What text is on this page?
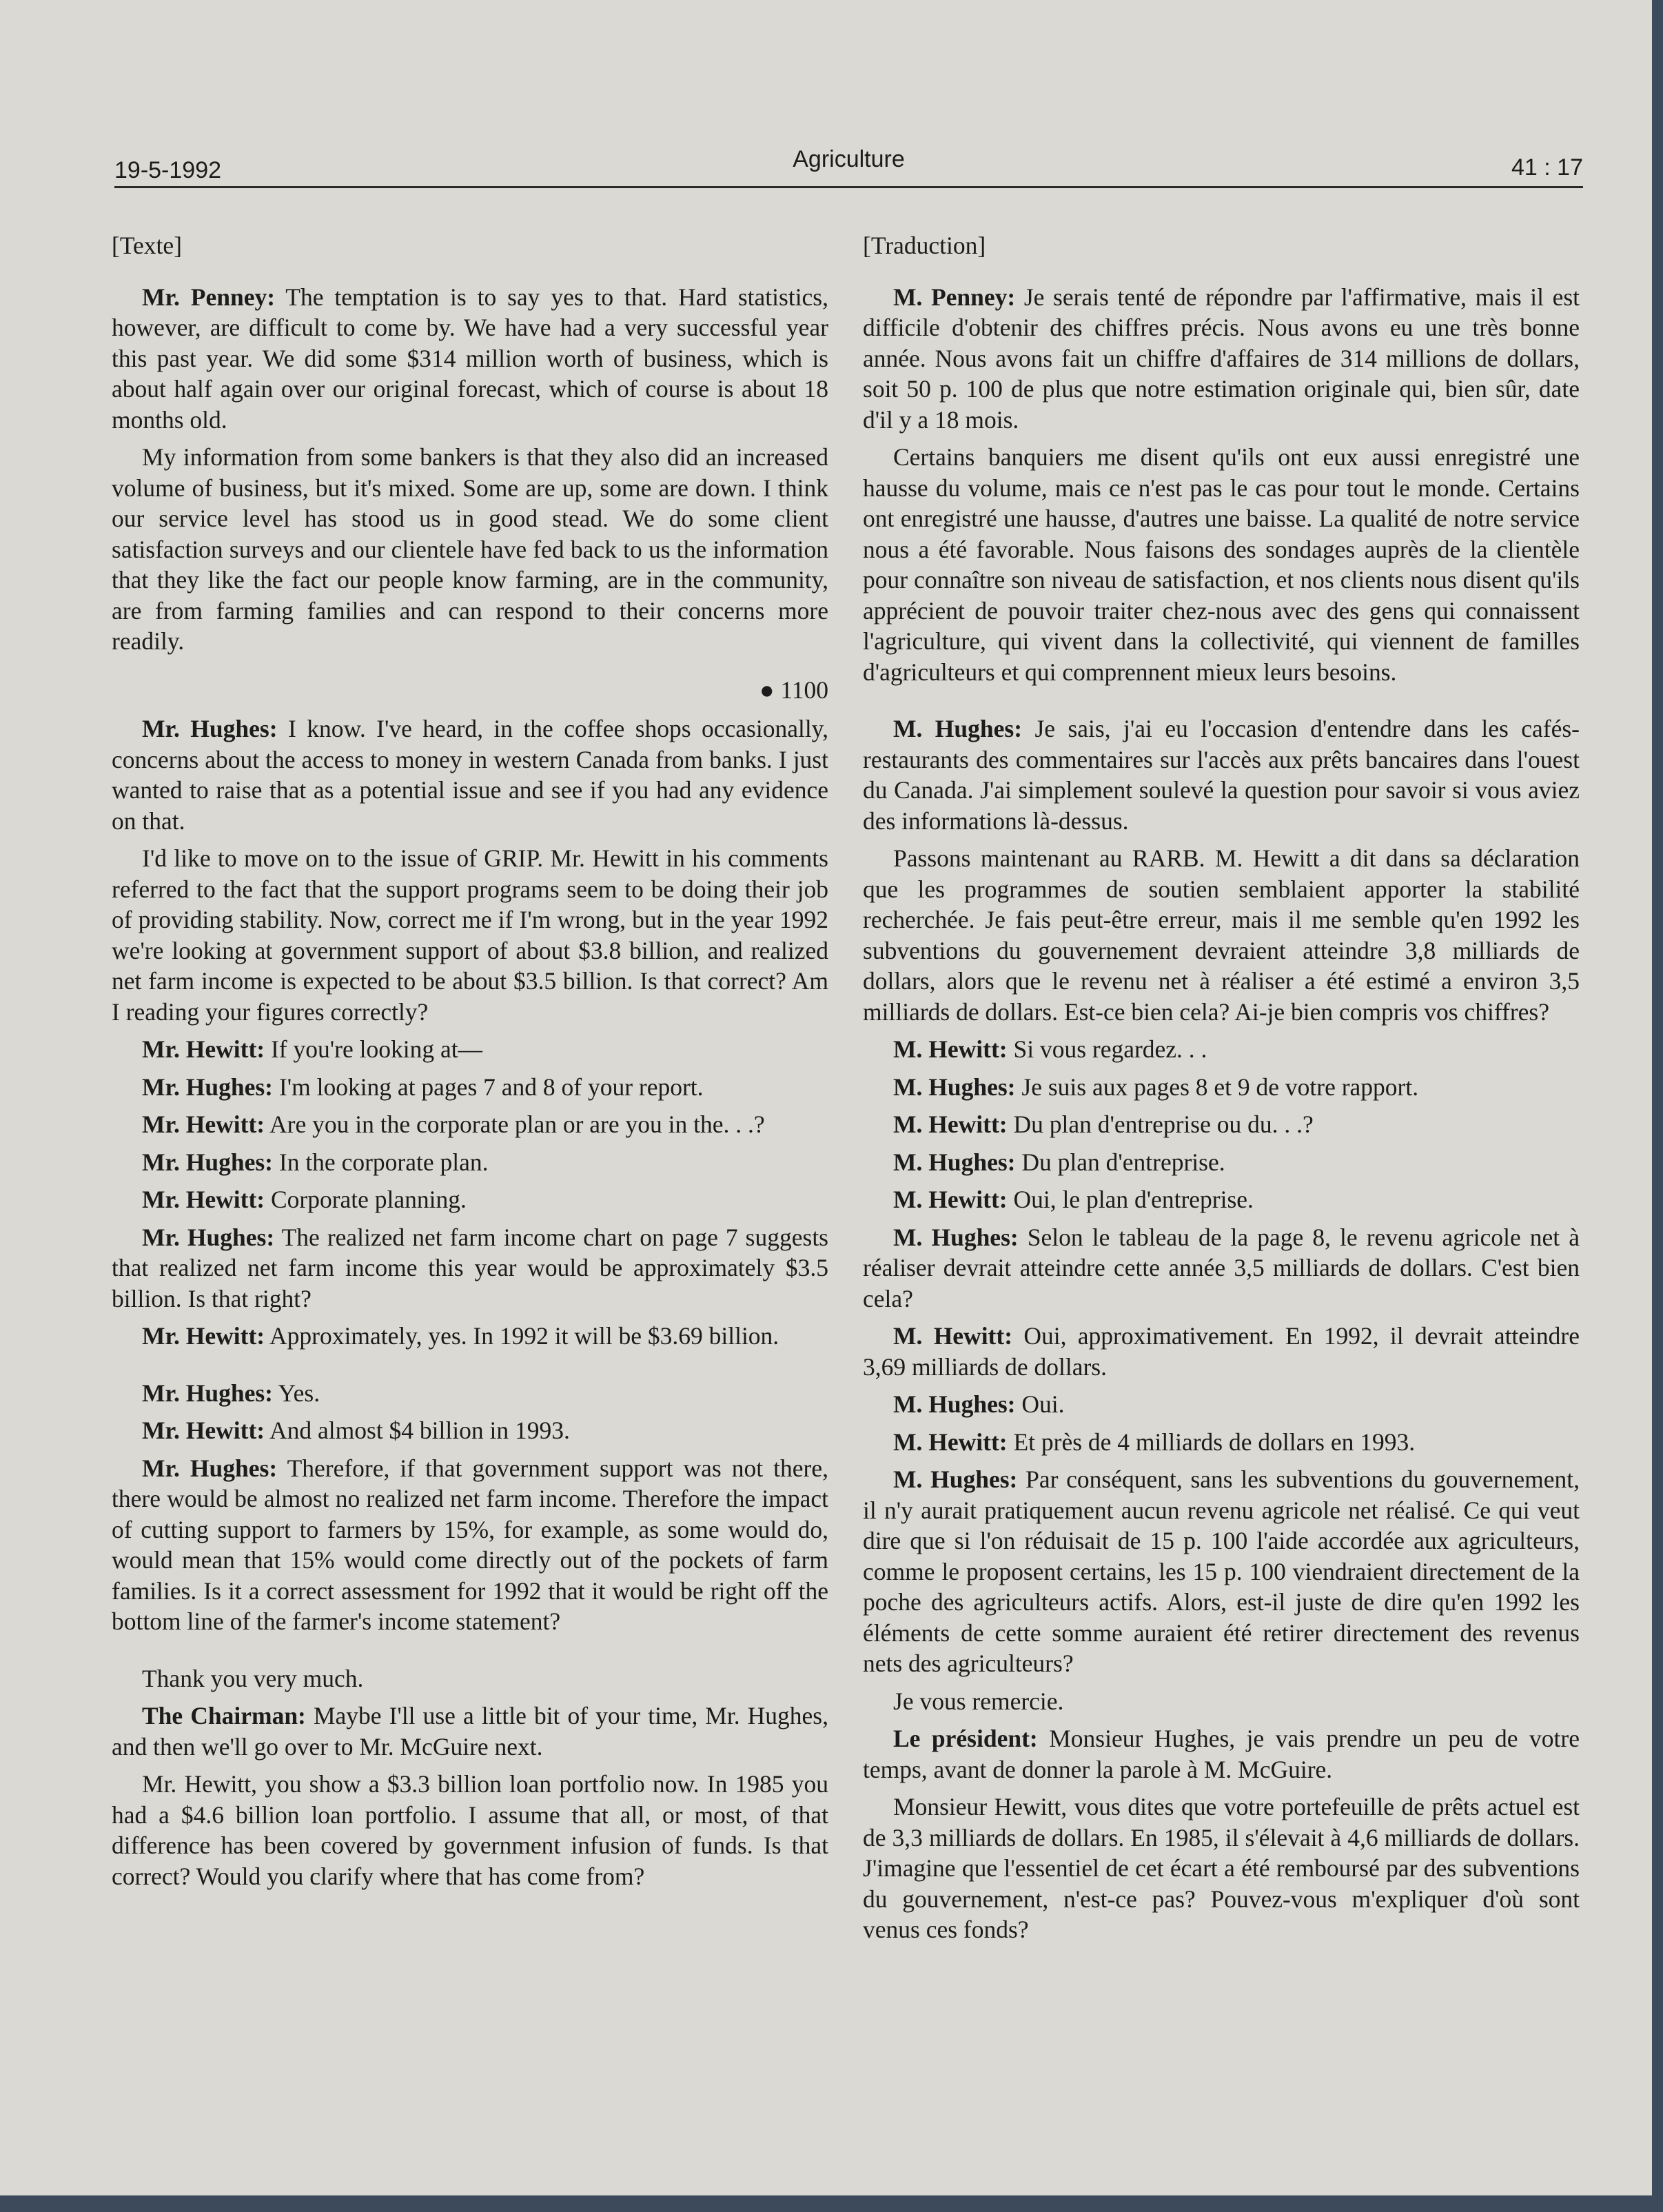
19-5-1992	Agriculture	41 : 17

[Texte]

Mr. Penney: The temptation is to say yes to that. Hard statistics, however, are difficult to come by. We have had a very successful year this past year. We did some $314 million worth of business, which is about half again over our original forecast, which of course is about 18 months old.

My information from some bankers is that they also did an increased volume of business, but it's mixed. Some are up, some are down. I think our service level has stood us in good stead. We do some client satisfaction surveys and our clientele have fed back to us the information that they like the fact our people know farming, are in the community, are from farming families and can respond to their concerns more readily.

● 1100

Mr. Hughes: I know. I've heard, in the coffee shops occasionally, concerns about the access to money in western Canada from banks. I just wanted to raise that as a potential issue and see if you had any evidence on that.

I'd like to move on to the issue of GRIP. Mr. Hewitt in his comments referred to the fact that the support programs seem to be doing their job of providing stability. Now, correct me if I'm wrong, but in the year 1992 we're looking at government support of about $3.8 billion, and realized net farm income is expected to be about $3.5 billion. Is that correct? Am I reading your figures correctly?

Mr. Hewitt: If you're looking at—

Mr. Hughes: I'm looking at pages 7 and 8 of your report.

Mr. Hewitt: Are you in the corporate plan or are you in the. . .?

Mr. Hughes: In the corporate plan.

Mr. Hewitt: Corporate planning.

Mr. Hughes: The realized net farm income chart on page 7 suggests that realized net farm income this year would be approximately $3.5 billion. Is that right?

Mr. Hewitt: Approximately, yes. In 1992 it will be $3.69 billion.

Mr. Hughes: Yes.

Mr. Hewitt: And almost $4 billion in 1993.

Mr. Hughes: Therefore, if that government support was not there, there would be almost no realized net farm income. Therefore the impact of cutting support to farmers by 15%, for example, as some would do, would mean that 15% would come directly out of the pockets of farm families. Is it a correct assessment for 1992 that it would be right off the bottom line of the farmer's income statement?

Thank you very much.

The Chairman: Maybe I'll use a little bit of your time, Mr. Hughes, and then we'll go over to Mr. McGuire next.

Mr. Hewitt, you show a $3.3 billion loan portfolio now. In 1985 you had a $4.6 billion loan portfolio. I assume that all, or most, of that difference has been covered by government infusion of funds. Is that correct? Would you clarify where that has come from?

[Traduction]

M. Penney: Je serais tenté de répondre par l'affirmative, mais il est difficile d'obtenir des chiffres précis. Nous avons eu une très bonne année. Nous avons fait un chiffre d'affaires de 314 millions de dollars, soit 50 p. 100 de plus que notre estimation originale qui, bien sûr, date d'il y a 18 mois.

Certains banquiers me disent qu'ils ont eux aussi enregistré une hausse du volume, mais ce n'est pas le cas pour tout le monde. Certains ont enregistré une hausse, d'autres une baisse. La qualité de notre service nous a été favorable. Nous faisons des sondages auprès de la clientèle pour connaître son niveau de satisfaction, et nos clients nous disent qu'ils apprécient de pouvoir traiter chez-nous avec des gens qui connaissent l'agriculture, qui vivent dans la collectivité, qui viennent de familles d'agriculteurs et qui comprennent mieux leurs besoins.

M. Hughes: Je sais, j'ai eu l'occasion d'entendre dans les cafés-restaurants des commentaires sur l'accès aux prêts bancaires dans l'ouest du Canada. J'ai simplement soulevé la question pour savoir si vous aviez des informations là-dessus.

Passons maintenant au RARB. M. Hewitt a dit dans sa déclaration que les programmes de soutien semblaient apporter la stabilité recherchée. Je fais peut-être erreur, mais il me semble qu'en 1992 les subventions du gouvernement devraient atteindre 3,8 milliards de dollars, alors que le revenu net à réaliser a été estimé a environ 3,5 milliards de dollars. Est-ce bien cela? Ai-je bien compris vos chiffres?

M. Hewitt: Si vous regardez. . .

M. Hughes: Je suis aux pages 8 et 9 de votre rapport.

M. Hewitt: Du plan d'entreprise ou du. . .?

M. Hughes: Du plan d'entreprise.

M. Hewitt: Oui, le plan d'entreprise.

M. Hughes: Selon le tableau de la page 8, le revenu agricole net à réaliser devrait atteindre cette année 3,5 milliards de dollars. C'est bien cela?

M. Hewitt: Oui, approximativement. En 1992, il devrait atteindre 3,69 milliards de dollars.

M. Hughes: Oui.

M. Hewitt: Et près de 4 milliards de dollars en 1993.

M. Hughes: Par conséquent, sans les subventions du gouvernement, il n'y aurait pratiquement aucun revenu agricole net réalisé. Ce qui veut dire que si l'on réduisait de 15 p. 100 l'aide accordée aux agriculteurs, comme le proposent certains, les 15 p. 100 viendraient directement de la poche des agriculteurs actifs. Alors, est-il juste de dire qu'en 1992 les éléments de cette somme auraient été retirer directement des revenus nets des agriculteurs?

Je vous remercie.

Le président: Monsieur Hughes, je vais prendre un peu de votre temps, avant de donner la parole à M. McGuire.

Monsieur Hewitt, vous dites que votre portefeuille de prêts actuel est de 3,3 milliards de dollars. En 1985, il s'élevait à 4,6 milliards de dollars. J'imagine que l'essentiel de cet écart a été remboursé par des subventions du gouvernement, n'est-ce pas? Pouvez-vous m'expliquer d'où sont venus ces fonds?
